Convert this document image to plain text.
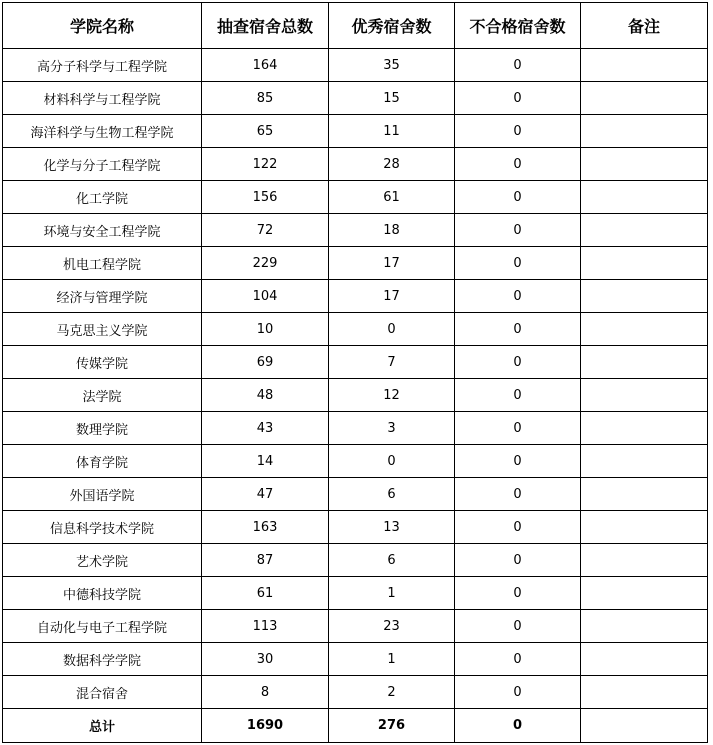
学院名称	抽查宿舍总数	优秀宿舍数	不合格宿舍数	备注
高分子科学与工程学院	164	35	0	
材料科学与工程学院	85	15	0	
海洋科学与生物工程学院	65	11	0	
化学与分子工程学院	122	28	0	
化工学院	156	61	0	
环境与安全工程学院	72	18	0	
机电工程学院	229	17	0	
经济与管理学院	104	17	0	
马克思主义学院	10	0	0	
传媒学院	69	7	0	
法学院	48	12	0	
数理学院	43	3	0	
体育学院	14	0	0	
外国语学院	47	6	0	
信息科学技术学院	163	13	0	
艺术学院	87	6	0	
中德科技学院	61	1	0	
自动化与电子工程学院	113	23	0	
数据科学学院	30	1	0	
混合宿舍	8	2	0	
总计	1690	276	0	
